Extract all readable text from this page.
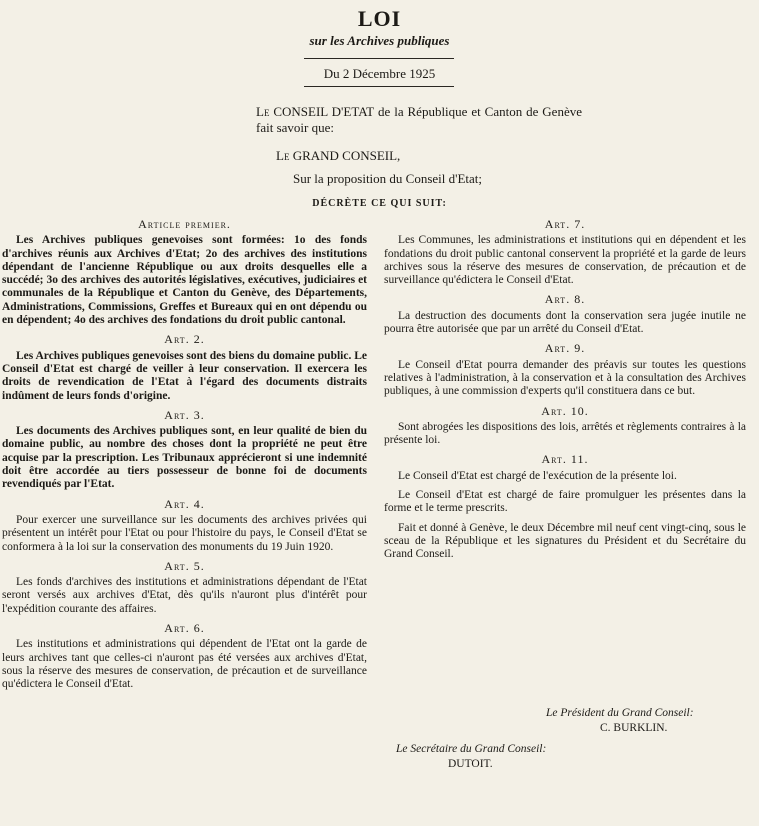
LOI
sur les Archives publiques
Du 2 Décembre 1925

Le CONSEIL D'ETAT de la République et Canton de Genève fait savoir que:

Le GRAND CONSEIL,
Sur la proposition du Conseil d'Etat;
DÉCRÈTE CE QUI SUIT:

Article premier.

Les Archives publiques genevoises sont formées: 1o des fonds d'archives réunis aux Archives d'Etat; 2o des archives des institutions dépendant de l'ancienne République ou aux droits desquelles elle a succédé; 3o des archives des autorités législatives, exécutives, judiciaires et communales de la République et Canton du Genève, des Départements, Administrations, Commissions, Greffes et Bureaux qui en ont dépendu ou en dépendent; 4o des archives des fondations du droit public cantonal.

Art. 2.

Les Archives publiques genevoises sont des biens du domaine public. Le Conseil d'Etat est chargé de veiller à leur conservation. Il exercera les droits de revendication de l'Etat à l'égard des documents distraits indûment de leurs fonds d'origine.

Art. 3.

Les documents des Archives publiques sont, en leur qualité de bien du domaine public, au nombre des choses dont la propriété ne peut être acquise par la prescription. Les Tribunaux apprécieront si une indemnité doit être accordée au tiers possesseur de bonne foi de documents revendiqués par l'Etat.

Art. 4.

Pour exercer une surveillance sur les documents des archives privées qui présentent un intérêt pour l'Etat ou pour l'histoire du pays, le Conseil d'Etat se conformera à la loi sur la conservation des monuments du 19 Juin 1920.

Art. 5.

Les fonds d'archives des institutions et administrations dépendant de l'Etat seront versés aux archives d'Etat, dès qu'ils n'auront plus d'intérêt pour l'expédition courante des affaires.

Art. 6.

Les institutions et administrations qui dépendent de l'Etat ont la garde de leurs archives tant que celles-ci n'auront pas été versées aux archives d'Etat, sous la réserve des mesures de conservation, de précaution et de surveillance qu'édictera le Conseil d'Etat.

Art. 7.

Les Communes, les administrations et institutions qui en dépendent et les fondations du droit public cantonal conservent la propriété et la garde de leurs archives sous la réserve des mesures de conservation, de précaution et de surveillance qu'édictera le Conseil d'Etat.

Art. 8.

La destruction des documents dont la conservation sera jugée inutile ne pourra être autorisée que par un arrêté du Conseil d'Etat.

Art. 9.

Le Conseil d'Etat pourra demander des préavis sur toutes les questions relatives à l'administration, à la conservation et à la consultation des Archives publiques, à une commission d'experts qu'il constituera dans ce but.

Art. 10.

Sont abrogées les dispositions des lois, arrêtés et règlements contraires à la présente loi.

Art. 11.

Le Conseil d'Etat est chargé de l'exécution de la présente loi.

Le Conseil d'Etat est chargé de faire promulguer les présentes dans la forme et le terme prescrits.

Fait et donné à Genève, le deux Décembre mil neuf cent vingt-cinq, sous le sceau de la République et les signatures du Président et du Secrétaire du Grand Conseil.

Le Président du Grand Conseil:
C. BURKLIN.
Le Secrétaire du Grand Conseil:
DUTOIT.
